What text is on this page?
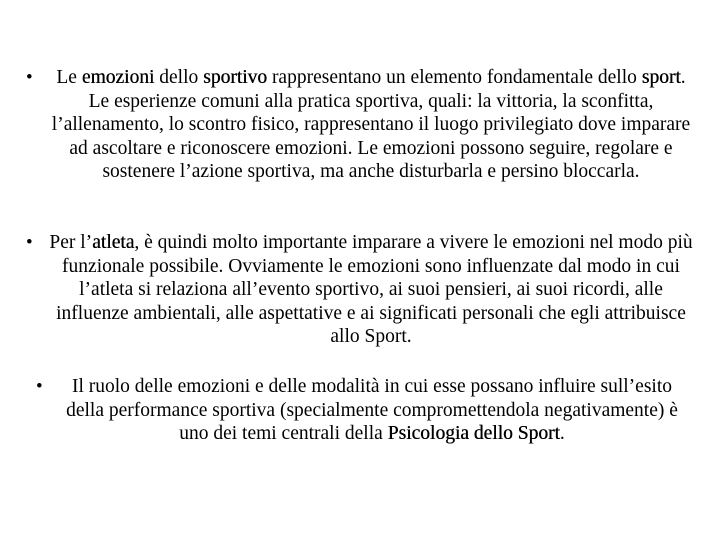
•	Le emozioni dello sportivo rappresentano un elemento fondamentale dello sport. Le esperienze comuni alla pratica sportiva, quali: la vittoria, la sconfitta, l’allenamento, lo scontro fisico, rappresentano il luogo privilegiato dove imparare ad ascoltare e riconoscere emozioni. Le emozioni possono seguire, regolare e sostenere l’azione sportiva, ma anche disturbarla e persino bloccarla.

• Per l’atleta, è quindi molto importante imparare a vivere le emozioni nel modo più funzionale possibile. Ovviamente le emozioni sono influenzate dal modo in cui l’atleta si relaziona all’evento sportivo, ai suoi pensieri, ai suoi ricordi, alle influenze ambientali, alle aspettative e ai significati personali che egli attribuisce allo Sport.

•	Il ruolo delle emozioni e delle modalità in cui esse possano influire sull’esito della performance sportiva (specialmente compromettendola negativamente) è uno dei temi centrali della Psicologia dello Sport.
